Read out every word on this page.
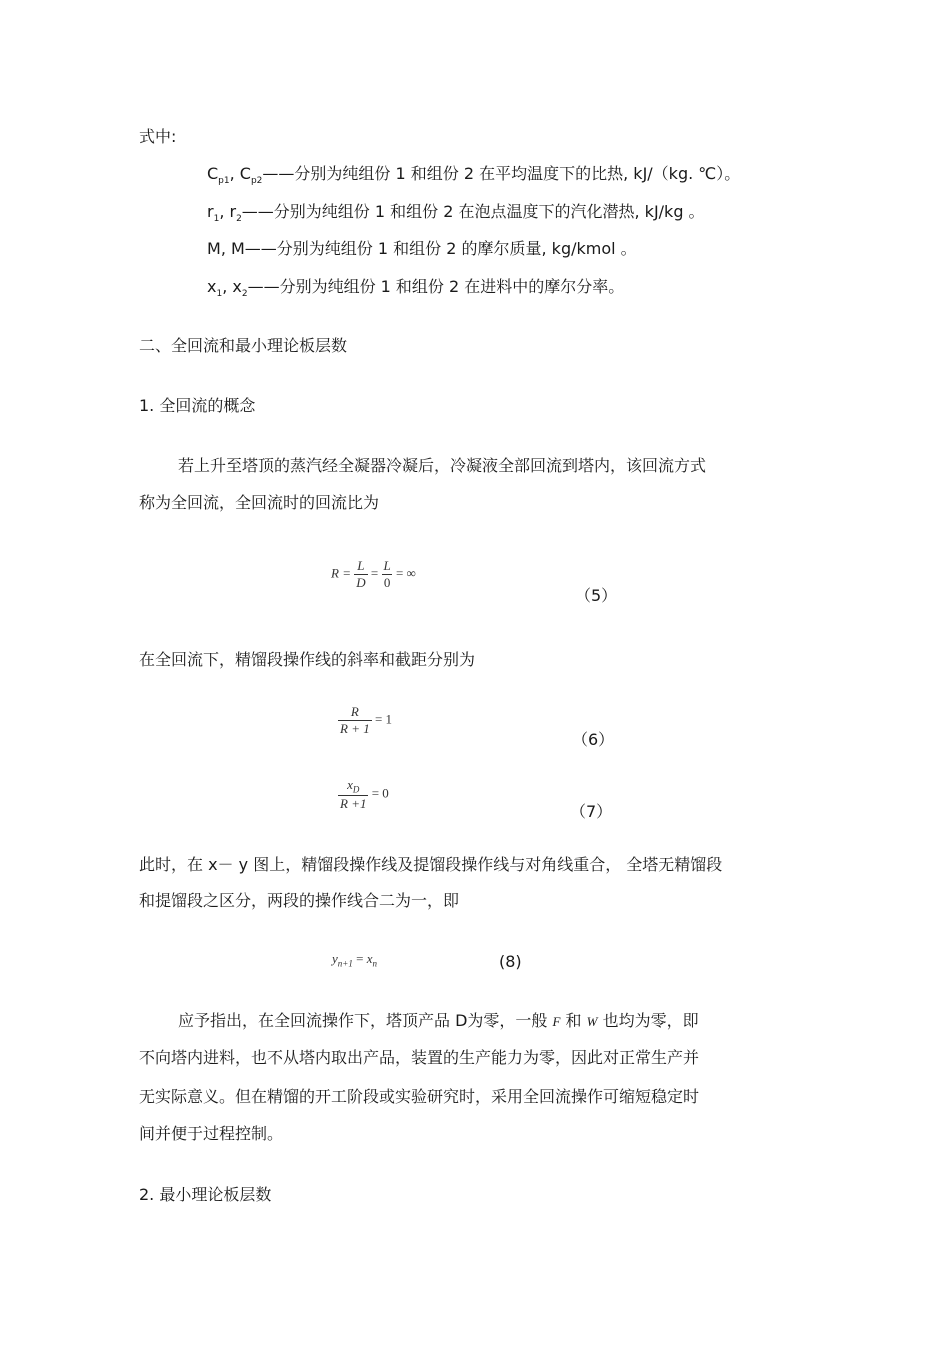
式中:
$C_{p1}$, $C_{p2}——$分别为纯组份 1 和组份 2 在平均温度下的比热, kJ/（kg. ℃）。
$r_1$, $r_2——$分别为纯组份 1 和组份 2 在泡点温度下的汽化潜热, kJ/kg 。
M, M——分别为纯组份 1 和组份 2 的摩尔质量, kg/kmol 。
$x_1$, $x_2——$分别为纯组份 1 和组份 2 在进料中的摩尔分率。
二、全回流和最小理论板层数
1. 全回流的概念
若上升至塔顶的蒸汽经全凝器冷凝后，冷凝液全部回流到塔内，该回流方式
称为全回流，全回流时的回流比为
$R = \frac{L}{D} = \frac{L}{0}$ = ∞
（5）
在全回流下，精馏段操作线的斜率和截距分别为
$\frac{R}{R + 1} = 1$
（6）
$\frac{x_D}{R +1} = 0$
（7）
此时，在 x－ y 图上，精馏段操作线及提馏段操作线与对角线重合， 全塔无精馏段
和提馏段之区分，两段的操作线合二为一，即
$y_{n+1} = x_n$	(8)
应予指出，在全回流操作下，塔顶产品 D为零，一般 F 和 W 也均为零，即
不向塔内进料，也不从塔内取出产品，装置的生产能力为零，因此对正常生产并
无实际意义。但在精馏的开工阶段或实验研究时，采用全回流操作可缩短稳定时
间并便于过程控制。
2. 最小理论板层数
